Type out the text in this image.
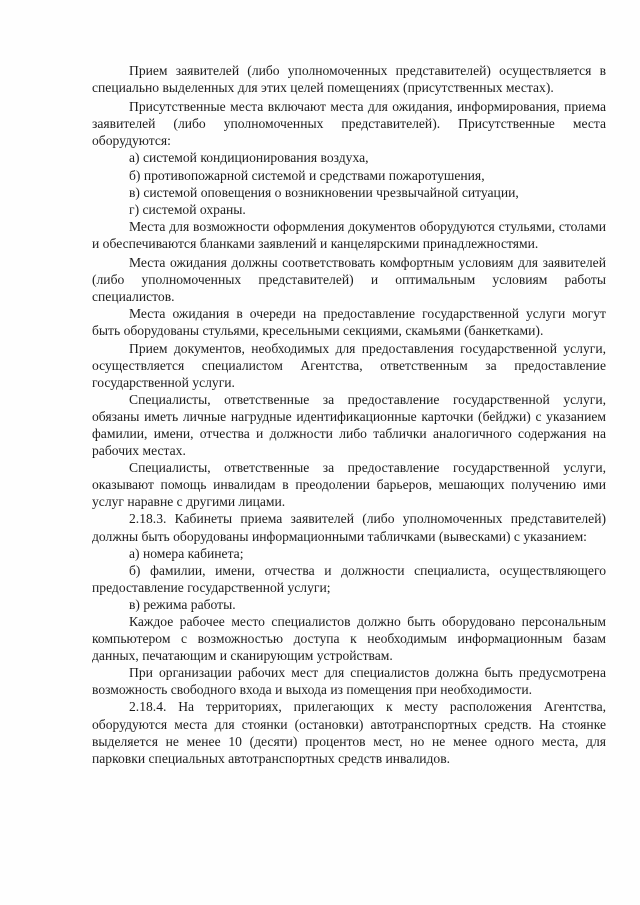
Прием заявителей (либо уполномоченных представителей) осуществляется в специально выделенных для этих целей помещениях (присутственных местах).

Присутственные места включают места для ожидания, информирования, приема заявителей (либо уполномоченных представителей). Присутственные места оборудуются:

а) системой кондиционирования воздуха,

б) противопожарной системой и средствами пожаротушения,

в) системой оповещения о возникновении чрезвычайной ситуации,

г) системой охраны.

Места для возможности оформления документов оборудуются стульями, столами и обеспечиваются бланками заявлений и канцелярскими принадлежностями.

Места ожидания должны соответствовать комфортным условиям для заявителей (либо уполномоченных представителей) и оптимальным условиям работы специалистов.

Места ожидания в очереди на предоставление государственной услуги могут быть оборудованы стульями, кресельными секциями, скамьями (банкетками).

Прием документов, необходимых для предоставления государственной услуги, осуществляется специалистом Агентства, ответственным за предоставление государственной услуги.

Специалисты, ответственные за предоставление государственной услуги, обязаны иметь личные нагрудные идентификационные карточки (бейджи) с указанием фамилии, имени, отчества и должности либо таблички аналогичного содержания на рабочих местах.

Специалисты, ответственные за предоставление государственной услуги, оказывают помощь инвалидам в преодолении барьеров, мешающих получению ими услуг наравне с другими лицами.

2.18.3. Кабинеты приема заявителей (либо уполномоченных представителей) должны быть оборудованы информационными табличками (вывесками) с указанием:

а) номера кабинета;

б) фамилии, имени, отчества и должности специалиста, осуществляющего предоставление государственной услуги;

в) режима работы.

Каждое рабочее место специалистов должно быть оборудовано персональным компьютером с возможностью доступа к необходимым информационным базам данных, печатающим и сканирующим устройствам.

При организации рабочих мест для специалистов должна быть предусмотрена возможность свободного входа и выхода из помещения при необходимости.

2.18.4. На территориях, прилегающих к месту расположения Агентства, оборудуются места для стоянки (остановки) автотранспортных средств. На стоянке выделяется не менее 10 (десяти) процентов мест, но не менее одного места, для парковки специальных автотранспортных средств инвалидов.
